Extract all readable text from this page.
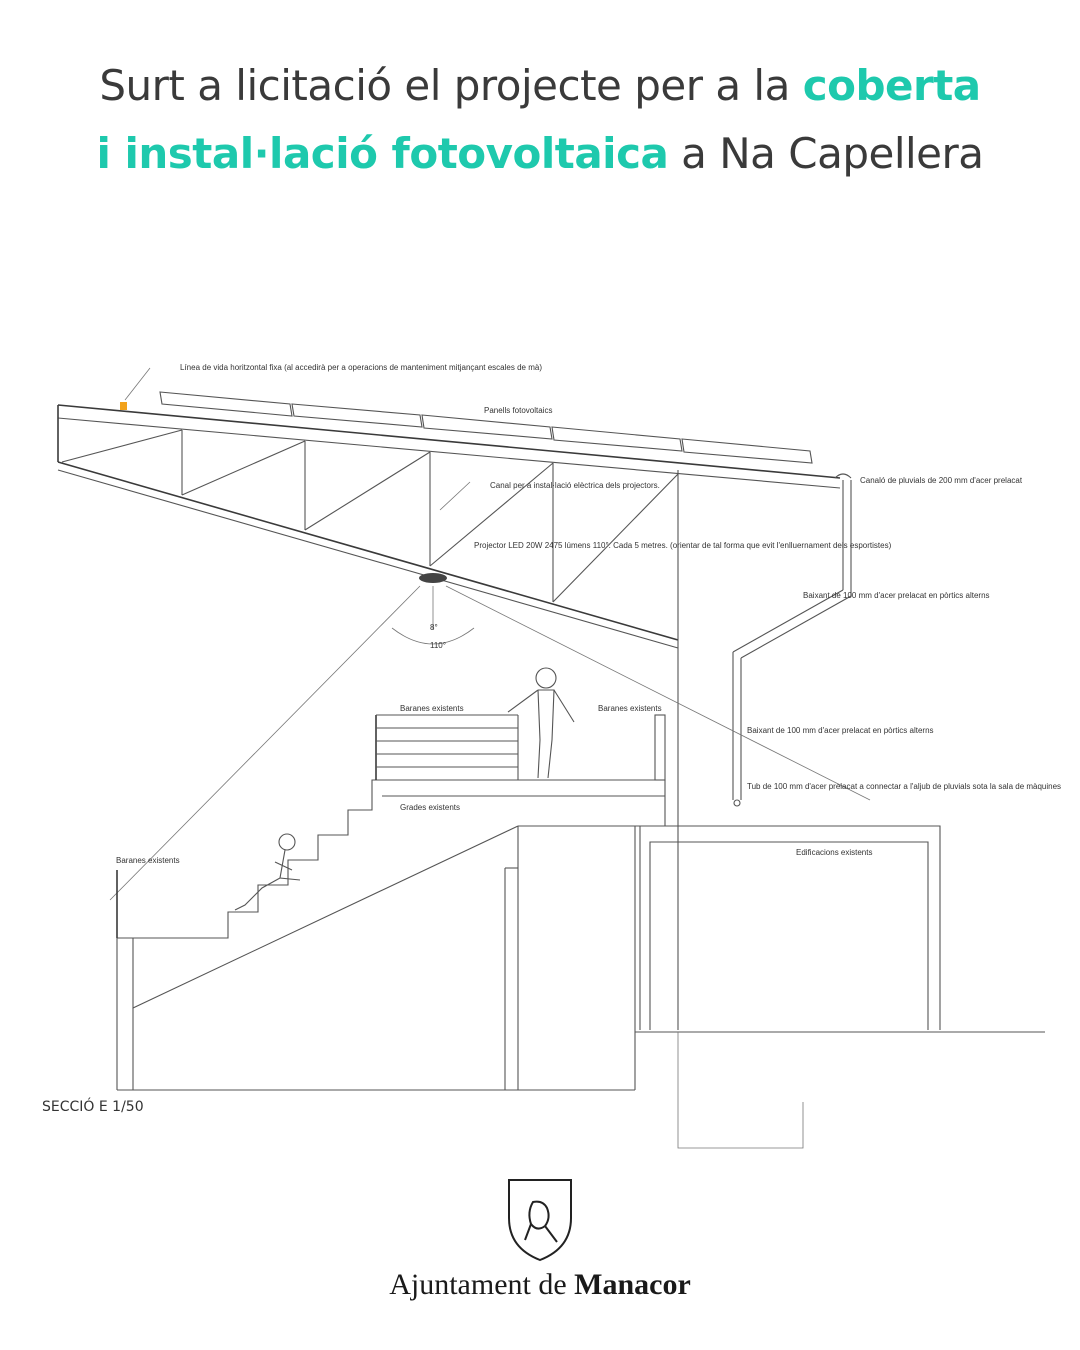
Surt a licitació el projecte per a la coberta
i instal·lació fotovoltaica a Na Capellera
Línea de vida horitzontal fixa (al accedirà per a operacions de manteniment mitjançant escales de mà)
Panells fotovoltaics
Canaló de pluvials de 200 mm d'acer prelacat
Canal per a instal·lació elèctrica dels projectors.
Projector LED 20W 2475 lúmens 110°. Cada 5 metres. (orientar de tal forma que evit l'enlluernament dels esportistes)
8°
110°
Baixant de 100 mm d'acer prelacat en pòrtics alterns
Baixant de 100 mm d'acer prelacat en pòrtics alterns
Tub de 100 mm d'acer prelacat a connectar a l'aljub de pluvials sota la sala de màquines
Baranes existents	Baranes existents
Baranes existents
Grades existents
Edificacions existents
SECCIÓ E 1/50
Ajuntament de Manacor
